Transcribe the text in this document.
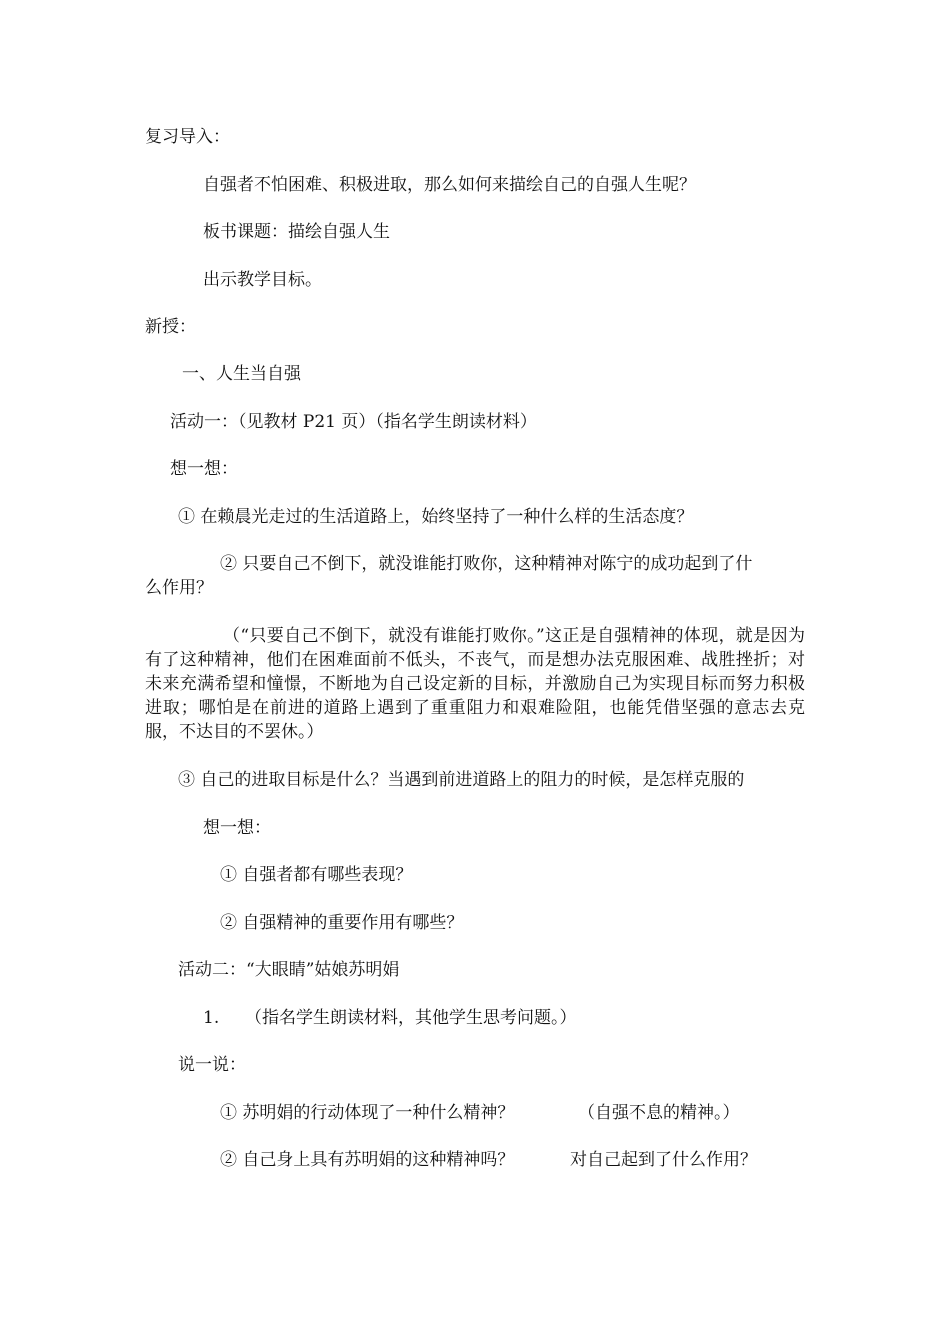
复习导入：

自强者不怕困难、积极进取，那么如何来描绘自己的自强人生呢？

板书课题：描绘自强人生

出示教学目标。

新授：

一、人生当自强

活动一：（见教材 P21 页）（指名学生朗读材料）

想一想：

① 在赖晨光走过的生活道路上，始终坚持了一种什么样的生活态度？

② 只要自己不倒下，就没谁能打败你，这种精神对陈宁的成功起到了什

么作用？

（“只要自己不倒下，就没有谁能打败你。”这正是自强精神的体现，就是因为有了这种精神，他们在困难面前不低头，不丧气，而是想办法克服困难、战胜挫折；对未来充满希望和憧憬，不断地为自己设定新的目标，并激励自己为实现目标而努力积极进取；哪怕是在前进的道路上遇到了重重阻力和艰难险阻，也能凭借坚强的意志去克服，不达目的不罢休。）

③ 自己的进取目标是什么？当遇到前进道路上的阻力的时候，是怎样克服的

想一想：

① 自强者都有哪些表现？

② 自强精神的重要作用有哪些？

活动二：“大眼睛”姑娘苏明娟

1. （指名学生朗读材料，其他学生思考问题。）

说一说：

① 苏明娟的行动体现了一种什么精神？	（自强不息的精神。）

② 自己身上具有苏明娟的这种精神吗？	对自己起到了什么作用？
